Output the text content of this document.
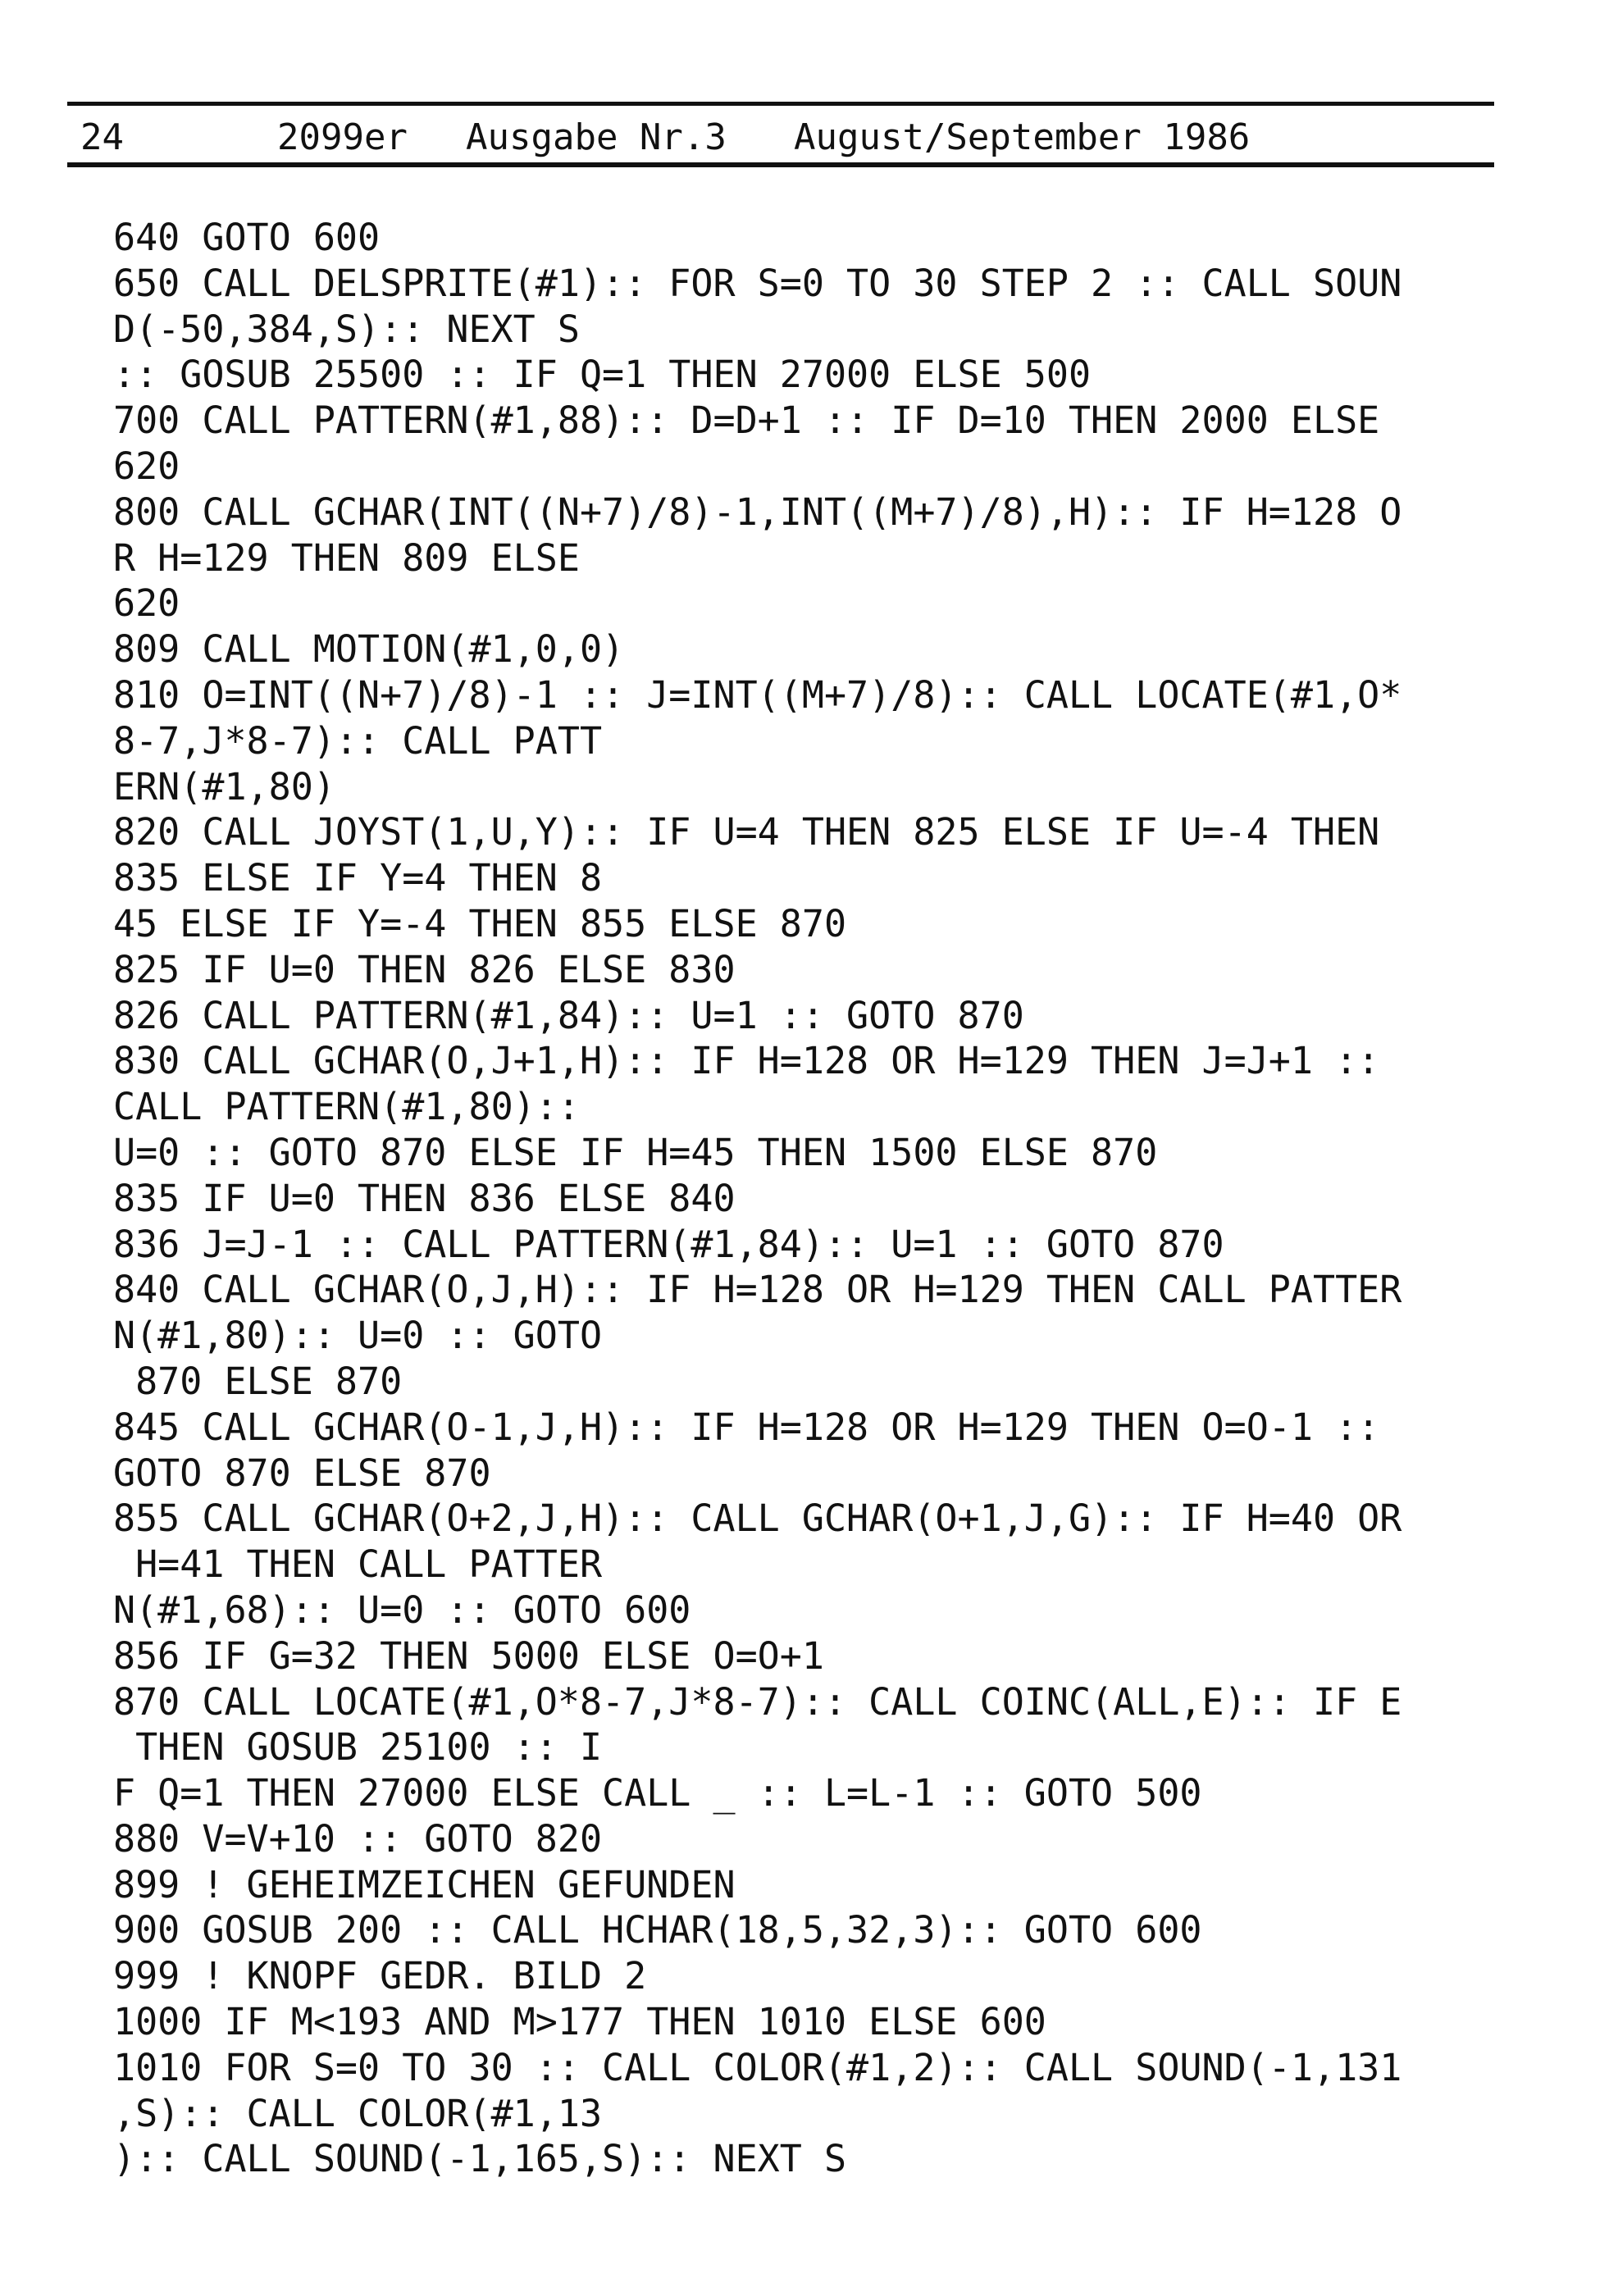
24	2099er Ausgabe Nr.3 August/September 1986
640 GOTO 600
650 CALL DELSPRITE(#1):: FOR S=0 TO 30 STEP 2 :: CALL SOUN
D(-50,384,S):: NEXT S
:: GOSUB 25500 :: IF Q=1 THEN 27000 ELSE 500
700 CALL PATTERN(#1,88):: D=D+1 :: IF D=10 THEN 2000 ELSE
620
800 CALL GCHAR(INT((N+7)/8)-1,INT((M+7)/8),H):: IF H=128 O
R H=129 THEN 809 ELSE
620
809 CALL MOTION(#1,0,0)
810 O=INT((N+7)/8)-1 :: J=INT((M+7)/8):: CALL LOCATE(#1,O*
8-7,J*8-7):: CALL PATT
ERN(#1,80)
820 CALL JOYST(1,U,Y):: IF U=4 THEN 825 ELSE IF U=-4 THEN
835 ELSE IF Y=4 THEN 8
45 ELSE IF Y=-4 THEN 855 ELSE 870
825 IF U=0 THEN 826 ELSE 830
826 CALL PATTERN(#1,84):: U=1 :: GOTO 870
830 CALL GCHAR(O,J+1,H):: IF H=128 OR H=129 THEN J=J+1 ::
CALL PATTERN(#1,80)::
U=0 :: GOTO 870 ELSE IF H=45 THEN 1500 ELSE 870
835 IF U=0 THEN 836 ELSE 840
836 J=J-1 :: CALL PATTERN(#1,84):: U=1 :: GOTO 870
840 CALL GCHAR(O,J,H):: IF H=128 OR H=129 THEN CALL PATTER
N(#1,80):: U=0 :: GOTO
870 ELSE 870
845 CALL GCHAR(O-1,J,H):: IF H=128 OR H=129 THEN O=O-1 ::
GOTO 870 ELSE 870
855 CALL GCHAR(O+2,J,H):: CALL GCHAR(O+1,J,G):: IF H=40 OR
H=41 THEN CALL PATTER
N(#1,68):: U=0 :: GOTO 600
856 IF G=32 THEN 5000 ELSE O=O+1
870 CALL LOCATE(#1,O*8-7,J*8-7):: CALL COINC(ALL,E):: IF E
THEN GOSUB 25100 :: I
F Q=1 THEN 27000 ELSE CALL _ :: L=L-1 :: GOTO 500
880 V=V+10 :: GOTO 820
899 ! GEHEIMZEICHEN GEFUNDEN
900 GOSUB 200 :: CALL HCHAR(18,5,32,3):: GOTO 600
999 ! KNOPF GEDR. BILD 2
1000 IF M<193 AND M>177 THEN 1010 ELSE 600
1010 FOR S=0 TO 30 :: CALL COLOR(#1,2):: CALL SOUND(-1,131
,S):: CALL COLOR(#1,13
):: CALL SOUND(-1,165,S):: NEXT S
